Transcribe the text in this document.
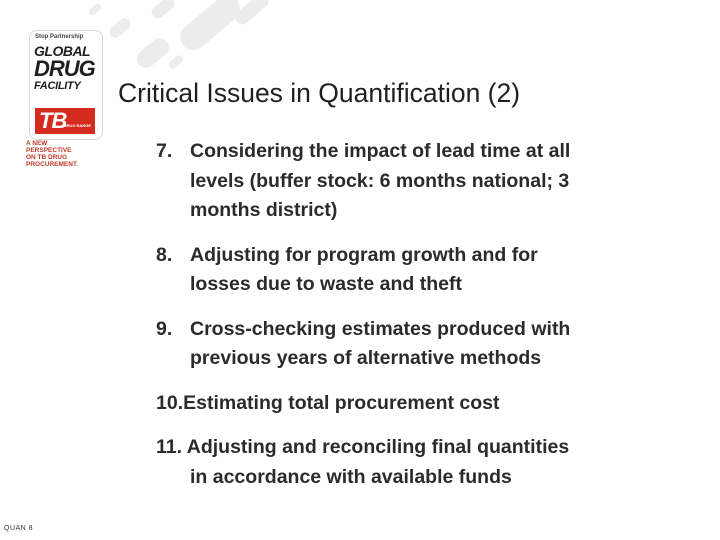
Stop Partnership
GLOBAL
DRUG
FACILITY
TB
DRUG RANGE
A NEW
PERSPECTIVE
ON TB DRUG
PROCUREMENT.
Critical Issues in Quantification (2)
7. Considering the impact of lead time at all
levels (buffer stock: 6 months national; 3
months district)
8. Adjusting for program growth and for
losses due to waste and theft
9. Cross-checking estimates produced with
previous years of alternative methods
10.Estimating total procurement cost
11. Adjusting and reconciling final quantities
in accordance with available funds
QUAN 8
